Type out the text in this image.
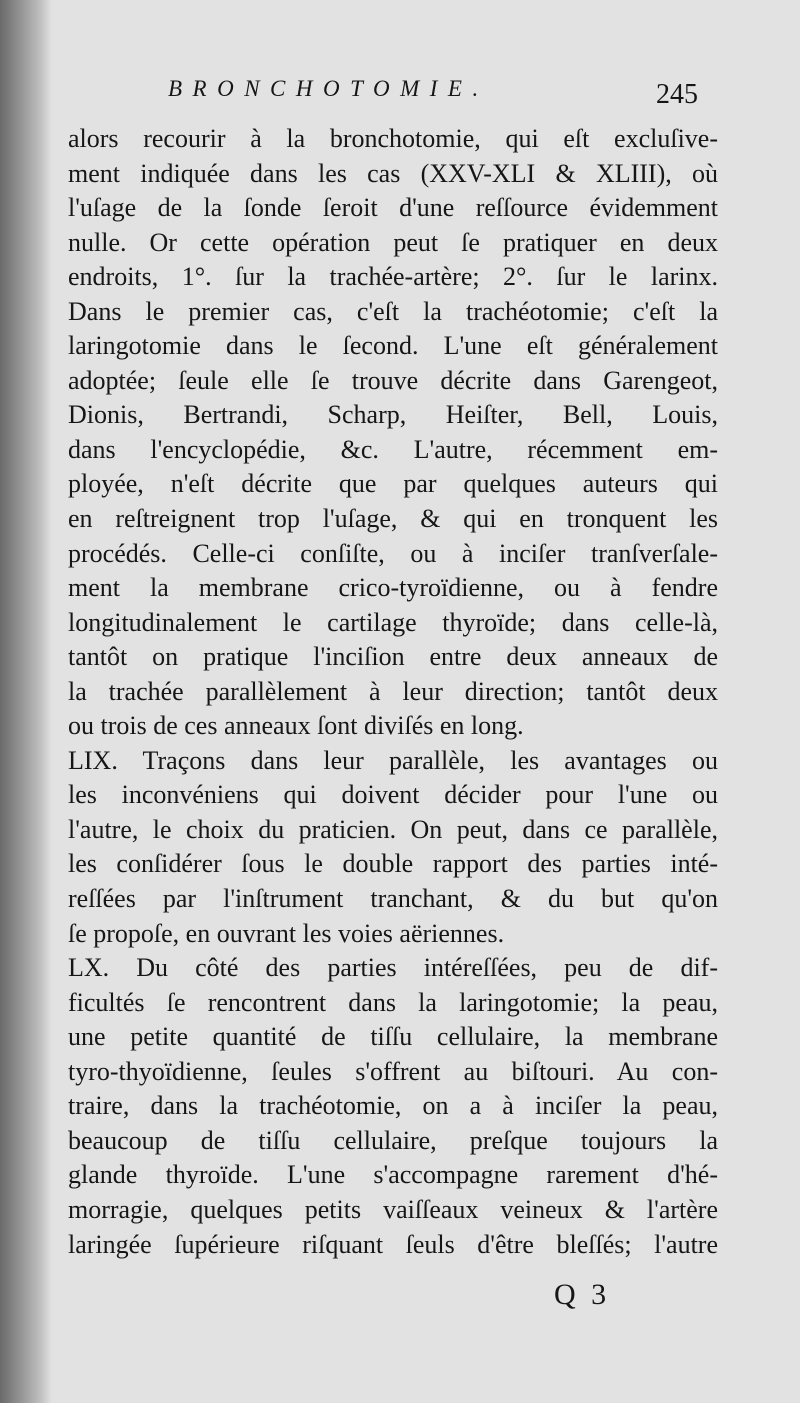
BRONCHOTOMIE.	245
alors recourir à la bronchotomie, qui eſt excluſive-
ment indiquée dans les cas (XXV-XLI & XLIII), où
l'uſage de la ſonde ſeroit d'une reſſource évidemment
nulle. Or cette opération peut ſe pratiquer en deux
endroits, 1°. ſur la trachée-artère; 2°. ſur le larinx.
Dans le premier cas, c'eſt la trachéotomie; c'eſt la
laringotomie dans le ſecond. L'une eſt généralement
adoptée; ſeule elle ſe trouve décrite dans Garengeot,
Dionis, Bertrandi, Scharp, Heiſter, Bell, Louis,
dans l'encyclopédie, &c. L'autre, récemment em-
ployée, n'eſt décrite que par quelques auteurs qui
en reſtreignent trop l'uſage, & qui en tronquent les
procédés. Celle-ci conſiſte, ou à inciſer tranſverſale-
ment la membrane crico-tyroïdienne, ou à fendre
longitudinalement le cartilage thyroïde; dans celle-là,
tantôt on pratique l'inciſion entre deux anneaux de
la trachée parallèlement à leur direction; tantôt deux
ou trois de ces anneaux ſont diviſés en long.
LIX. Traçons dans leur parallèle, les avantages ou
les inconvéniens qui doivent décider pour l'une ou
l'autre, le choix du praticien. On peut, dans ce parallèle,
les conſidérer ſous le double rapport des parties inté-
reſſées par l'inſtrument tranchant, & du but qu'on
ſe propoſe, en ouvrant les voies aëriennes.
LX. Du côté des parties intéreſſées, peu de dif-
ficultés ſe rencontrent dans la laringotomie; la peau,
une petite quantité de tiſſu cellulaire, la membrane
tyro-thyoïdienne, ſeules s'offrent au biſtouri. Au con-
traire, dans la trachéotomie, on a à inciſer la peau,
beaucoup de tiſſu cellulaire, preſque toujours la
glande thyroïde. L'une s'accompagne rarement d'hé-
morragie, quelques petits vaiſſeaux veineux & l'artère
laringée ſupérieure riſquant ſeuls d'être bleſſés; l'autre
Q 3
